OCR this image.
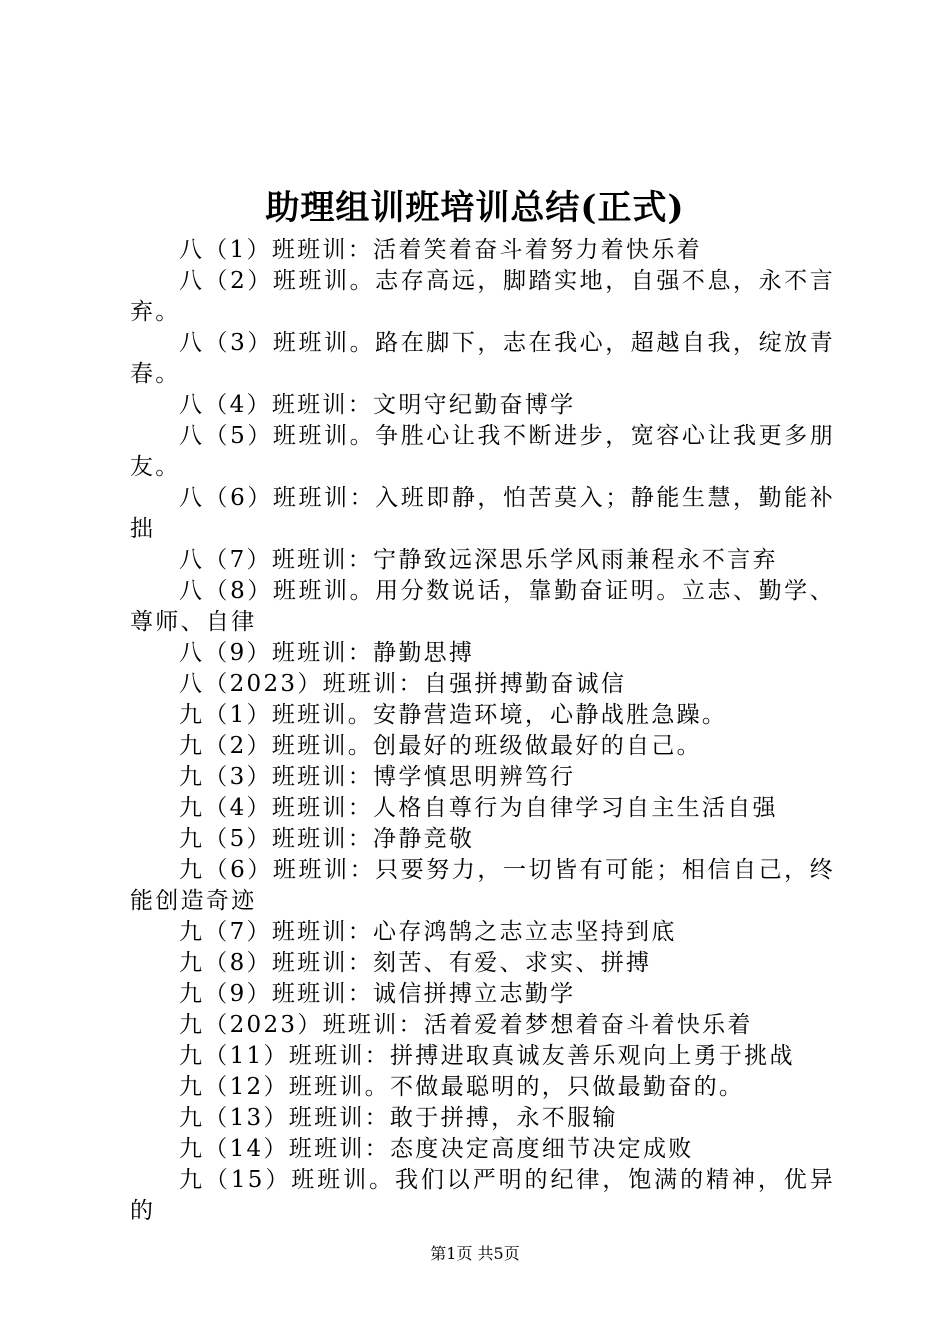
助理组训班培训总结(正式)

八（1）班班训：活着笑着奋斗着努力着快乐着

八（2）班班训。志存高远，脚踏实地，自强不息，永不言弃。

八（3）班班训。路在脚下，志在我心，超越自我，绽放青春。

八（4）班班训：文明守纪勤奋博学

八（5）班班训。争胜心让我不断进步，宽容心让我更多朋友。

八（6）班班训：入班即静，怕苦莫入；静能生慧，勤能补拙

八（7）班班训：宁静致远深思乐学风雨兼程永不言弃

八（8）班班训。用分数说话，靠勤奋证明。立志、勤学、尊师、自律

八（9）班班训：静勤思搏

八（2023）班班训：自强拼搏勤奋诚信

九（1）班班训。安静营造环境，心静战胜急躁。

九（2）班班训。创最好的班级做最好的自己。

九（3）班班训：博学慎思明辨笃行

九（4）班班训：人格自尊行为自律学习自主生活自强

九（5）班班训：净静竞敬

九（6）班班训：只要努力，一切皆有可能；相信自己，终能创造奇迹

九（7）班班训：心存鸿鹄之志立志坚持到底

九（8）班班训：刻苦、有爱、求实、拼搏

九（9）班班训：诚信拼搏立志勤学

九（2023）班班训：活着爱着梦想着奋斗着快乐着

九（11）班班训：拼搏进取真诚友善乐观向上勇于挑战

九（12）班班训。不做最聪明的，只做最勤奋的。

九（13）班班训：敢于拼搏，永不服输

九（14）班班训：态度决定高度细节决定成败

九（15）班班训。我们以严明的纪律，饱满的精神，优异的

第1页 共5页
